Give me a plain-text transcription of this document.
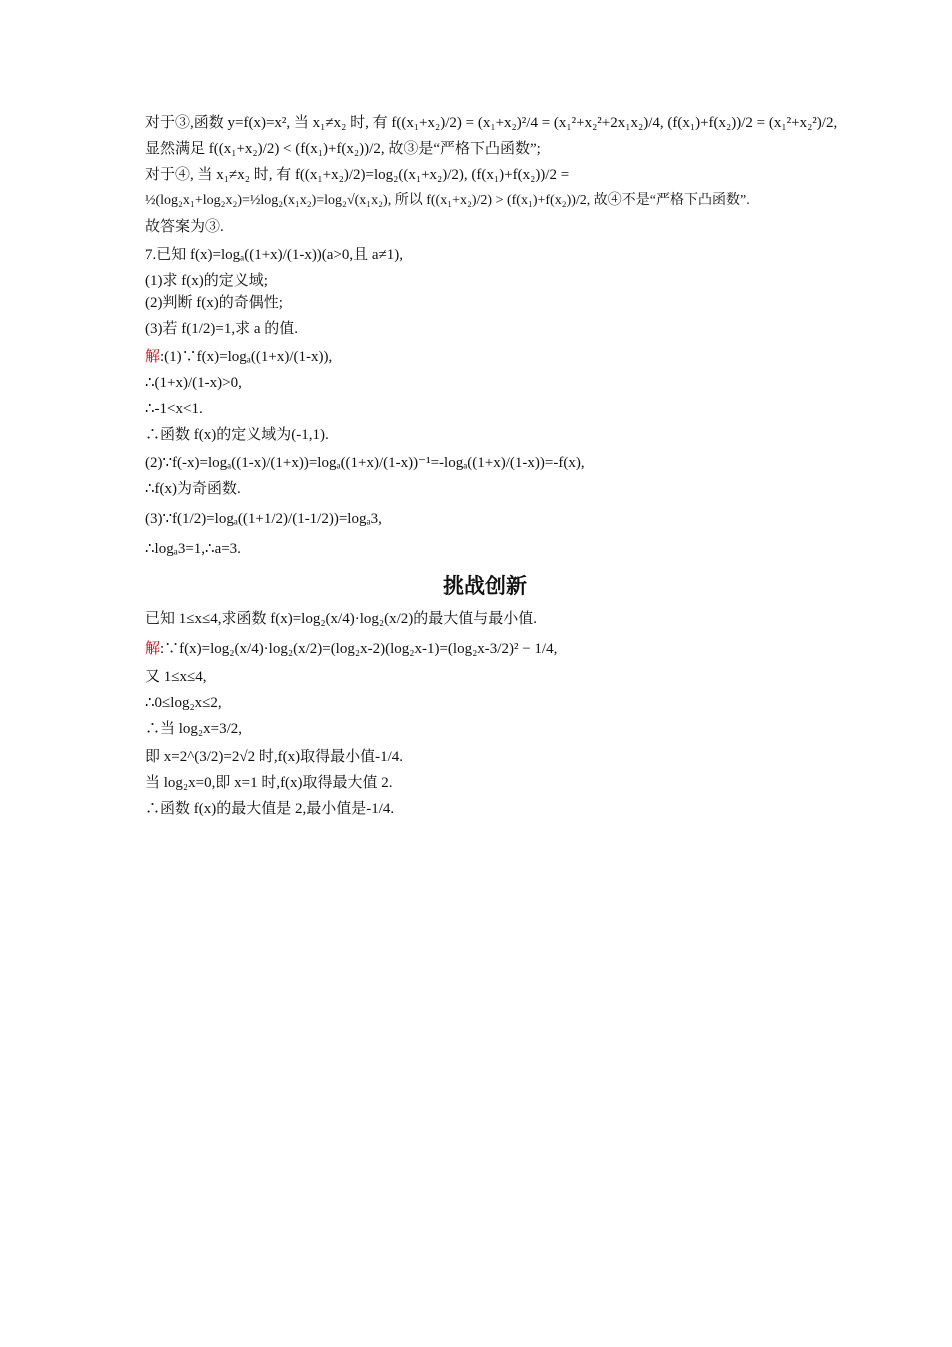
对于③,函数 y=f(x)=x², 当 x₁≠x₂ 时, 有 f((x₁+x₂)/2) = (x₁+x₂)²/4 = (x₁²+x₂²+2x₁x₂)/4, (f(x₁)+f(x₂))/2 = (x₁²+x₂²)/2,
显然满足 f((x₁+x₂)/2) < (f(x₁)+f(x₂))/2, 故③是“严格下凸函数”;
对于④, 当 x₁≠x₂ 时, 有 f((x₁+x₂)/2)=log₂((x₁+x₂)/2), (f(x₁)+f(x₂))/2 =
½(log₂x₁+log₂x₂)=½log₂(x₁x₂)=log₂√(x₁x₂), 所以 f((x₁+x₂)/2) > (f(x₁)+f(x₂))/2, 故④不是“严格下凸函数”.
故答案为③.
7.已知 f(x)=logₐ((1+x)/(1-x))(a>0,且 a≠1),
(1)求 f(x)的定义域;
(2)判断 f(x)的奇偶性;
(3)若 f(1/2)=1,求 a 的值.
解:(1)∵f(x)=logₐ((1+x)/(1-x)),
∴(1+x)/(1-x)>0,
∴-1<x<1.
∴函数 f(x)的定义域为(-1,1).
(2)∵f(-x)=logₐ((1-x)/(1+x))=logₐ((1+x)/(1-x))⁻¹=-logₐ((1+x)/(1-x))=-f(x),
∴f(x)为奇函数.
(3)∵f(1/2)=logₐ((1+1/2)/(1-1/2))=logₐ3,
∴logₐ3=1,∴a=3.
挑战创新
已知 1≤x≤4,求函数 f(x)=log₂(x/4)·log₂(x/2)的最大值与最小值.
解:∵f(x)=log₂(x/4)·log₂(x/2)=(log₂x-2)(log₂x-1)=(log₂x-3/2)² − 1/4,
又 1≤x≤4,
∴0≤log₂x≤2,
∴当 log₂x=3/2,
即 x=2^(3/2)=2√2 时,f(x)取得最小值-1/4.
当 log₂x=0,即 x=1 时,f(x)取得最大值 2.
∴函数 f(x)的最大值是 2,最小值是-1/4.
